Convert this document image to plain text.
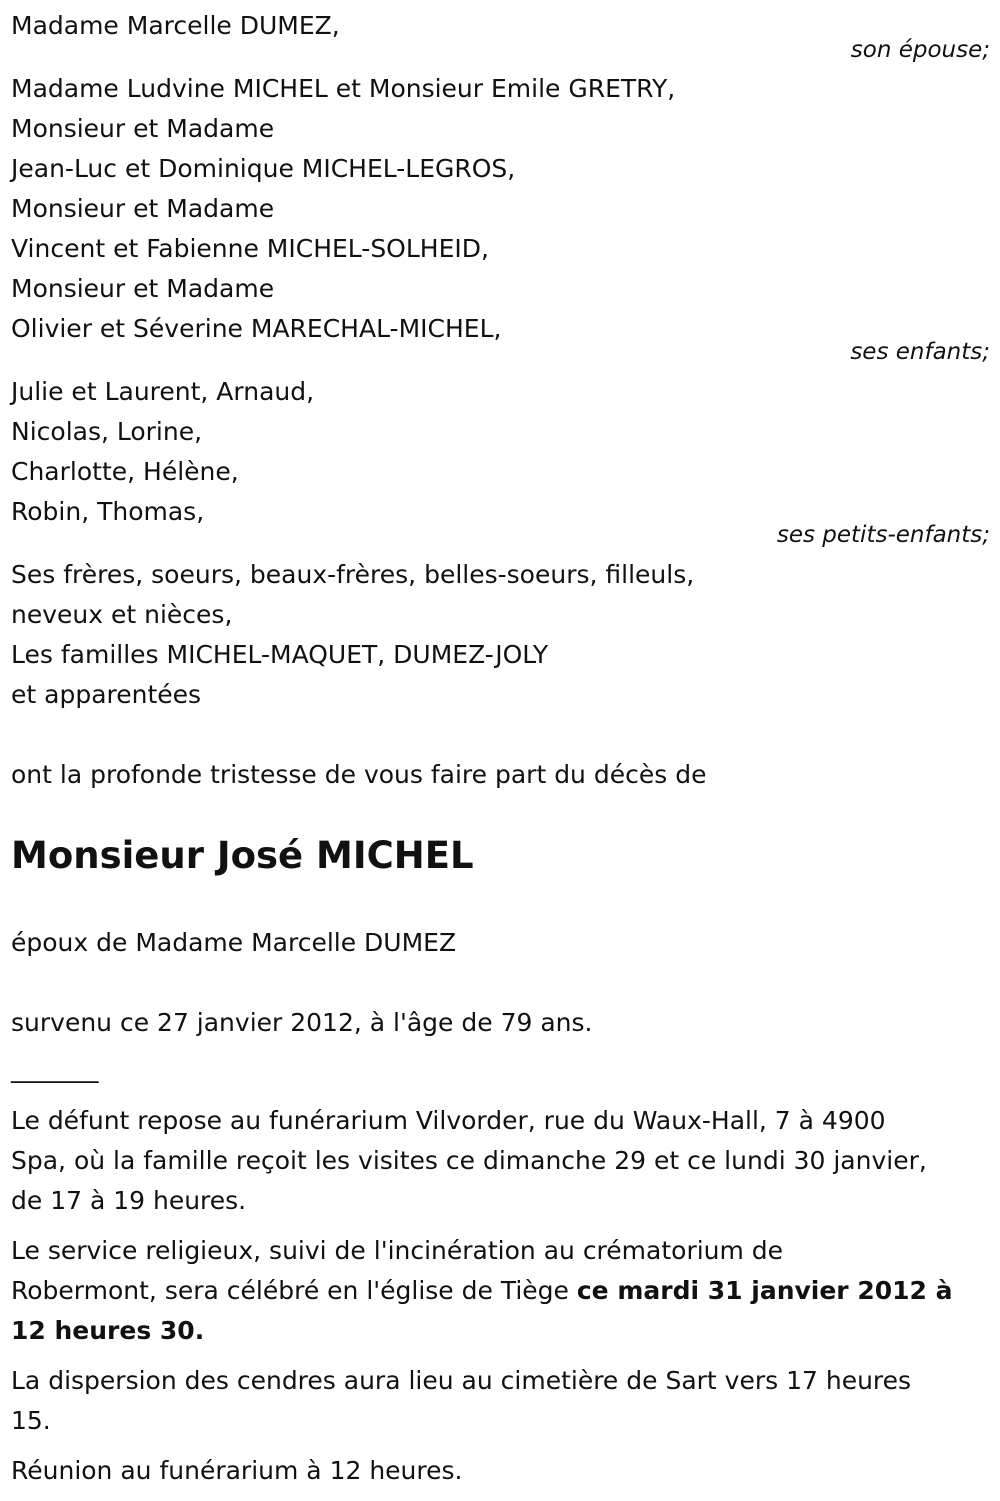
Madame Marcelle DUMEZ,
son épouse;
Madame Ludvine MICHEL et Monsieur Emile GRETRY,
Monsieur et Madame
Jean-Luc et Dominique MICHEL-LEGROS,
Monsieur et Madame
Vincent et Fabienne MICHEL-SOLHEID,
Monsieur et Madame
Olivier et Séverine MARECHAL-MICHEL,
ses enfants;
Julie et Laurent, Arnaud,
Nicolas, Lorine,
Charlotte, Hélène,
Robin, Thomas,
ses petits-enfants;
Ses frères, soeurs, beaux-frères, belles-soeurs, filleuls,
neveux et nièces,
Les familles MICHEL-MAQUET, DUMEZ-JOLY
et apparentées
ont la profonde tristesse de vous faire part du décès de
Monsieur José MICHEL
époux de Madame Marcelle DUMEZ
survenu ce 27 janvier 2012, à l'âge de 79 ans.
_______
Le défunt repose au funérarium Vilvorder, rue du Waux-Hall, 7 à 4900
Spa, où la famille reçoit les visites ce dimanche 29 et ce lundi 30 janvier,
de 17 à 19 heures.
Le service religieux, suivi de l'incinération au crématorium de
Robermont, sera célébré en l'église de Tiège ce mardi 31 janvier 2012 à
12 heures 30.
La dispersion des cendres aura lieu au cimetière de Sart vers 17 heures
15.
Réunion au funérarium à 12 heures.
